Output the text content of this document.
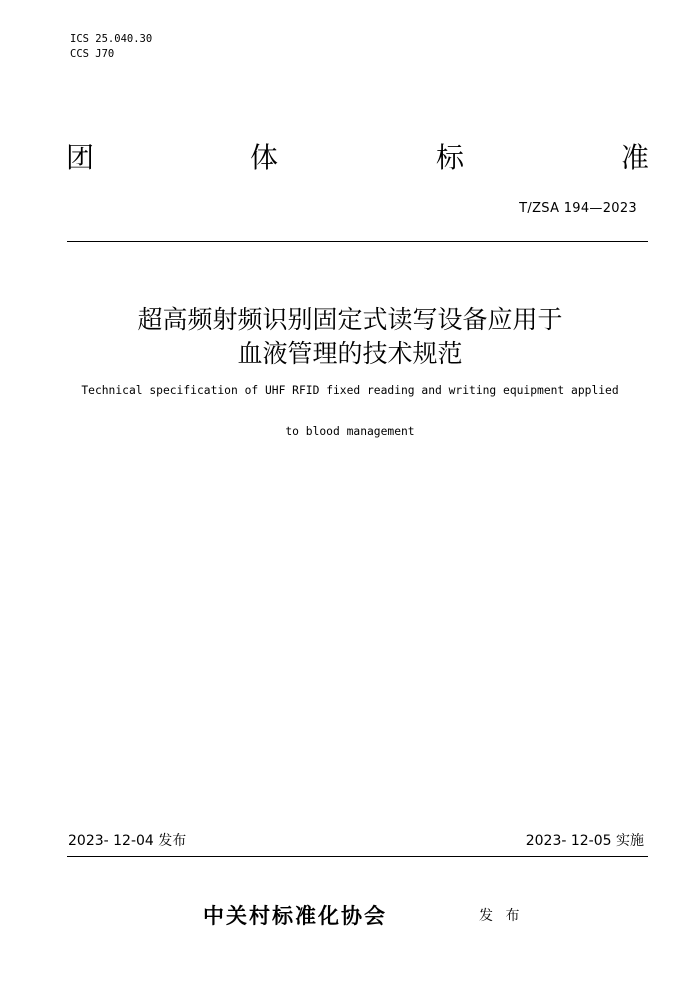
ICS 25.040.30
CCS J70
团	体	标	准
T/ZSA 194—2023
超高频射频识别固定式读写设备应用于
血液管理的技术规范
Technical specification of UHF RFID fixed reading and writing equipment applied
to blood management
2023- 12-04 发布	2023- 12-05 实施
中关村标准化协会	发 布
